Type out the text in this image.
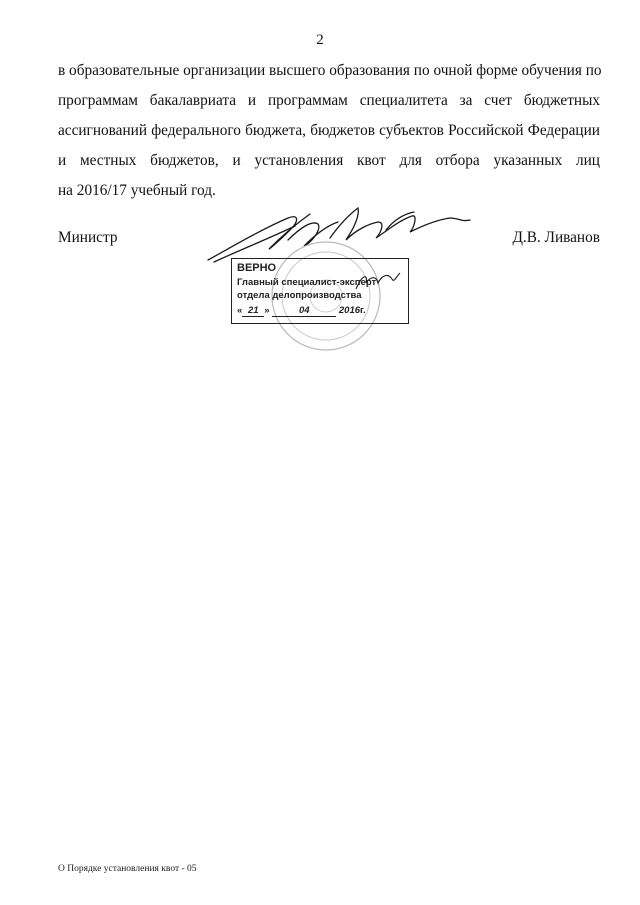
2
в образовательные организации высшего образования по очной форме обучения по
программам бакалавриата и программам специалитета за счет бюджетных
ассигнований федерального бюджета, бюджетов субъектов Российской Федерации
и местных бюджетов, и установления квот для отбора указанных лиц
на 2016/17 учебный год.
Министр	Д.В. Ливанов
ВЕРНО
Главный специалист-эксперт
отдела делопроизводства
« 21 »	04	2016г.
О Порядке установления квот - 05
